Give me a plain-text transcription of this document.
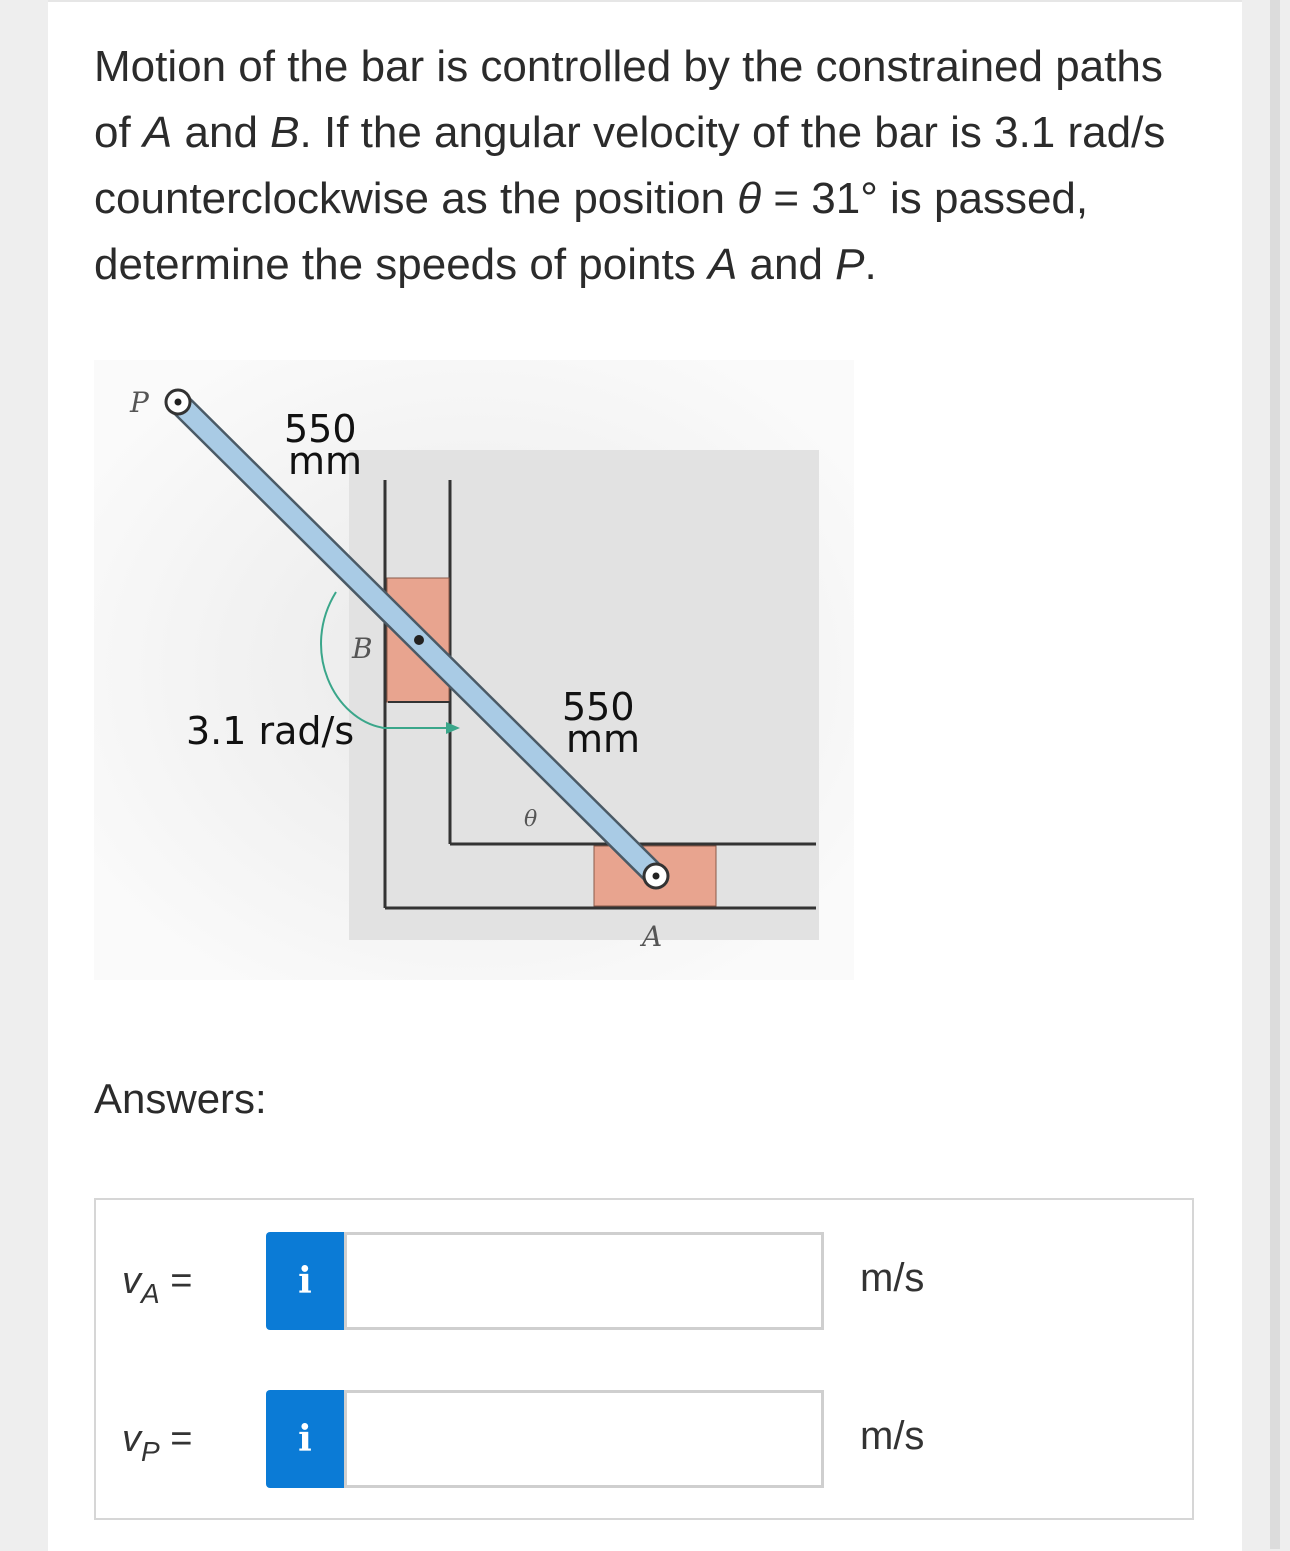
Motion of the bar is controlled by the constrained paths of A and B. If the angular velocity of the bar is 3.1 rad/s counterclockwise as the position θ = 31° is passed, determine the speeds of points A and P.

P
B
A
θ
550
mm
550
mm
3.1 rad/s
Answers:
$v_A$ =	i	m/s
$v_P$ =	i	m/s
